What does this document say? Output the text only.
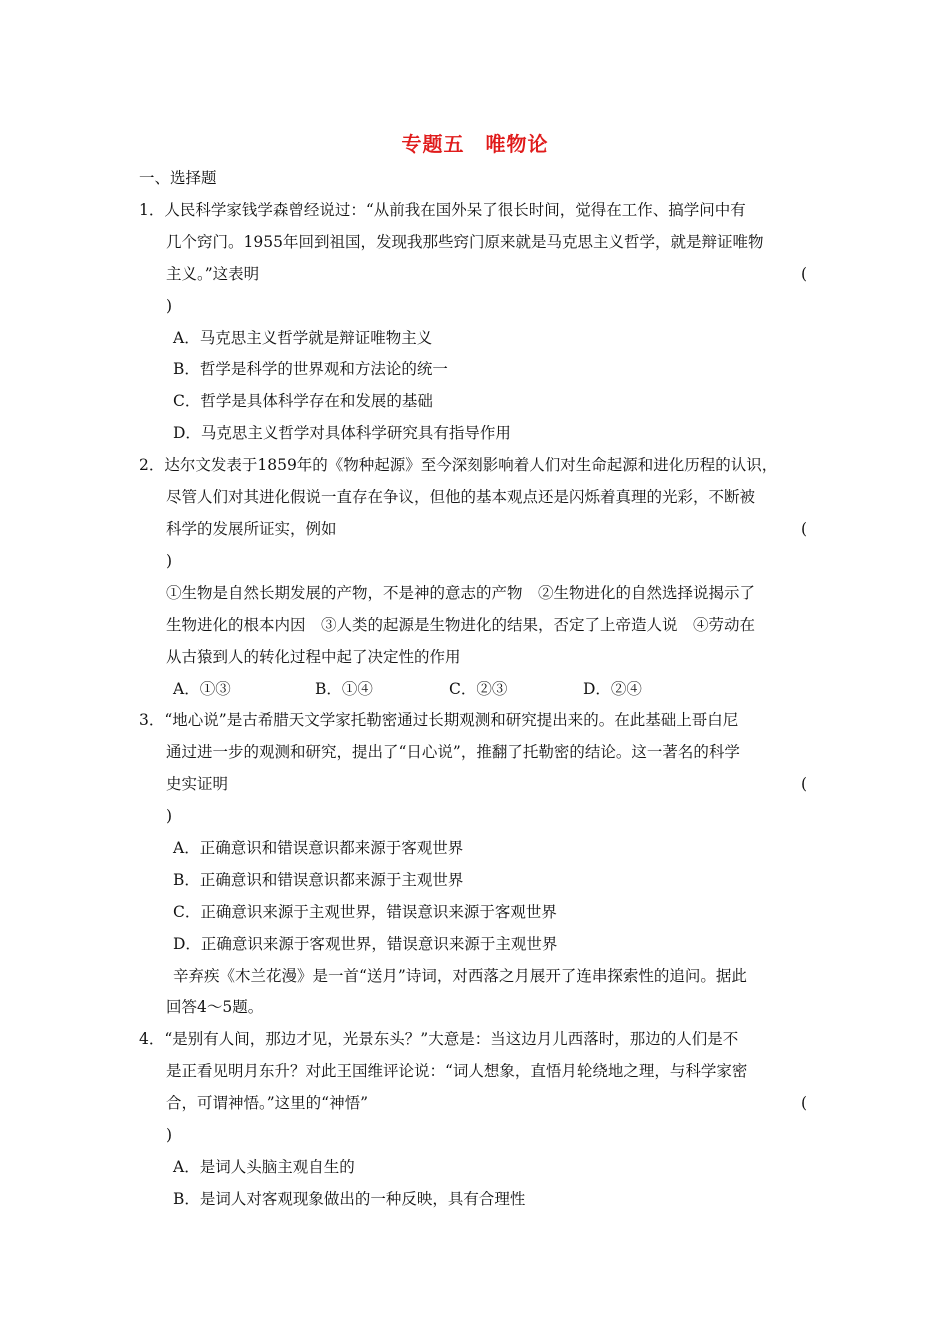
专题五　唯物论
一、选择题
1．人民科学家钱学森曾经说过：“从前我在国外呆了很长时间，觉得在工作、搞学问中有
几个窍门。1955年回到祖国，发现我那些窍门原来就是马克思主义哲学，就是辩证唯物
主义。”这表明	(
)
A．马克思主义哲学就是辩证唯物主义
B．哲学是科学的世界观和方法论的统一
C．哲学是具体科学存在和发展的基础
D．马克思主义哲学对具体科学研究具有指导作用
2．达尔文发表于1859年的《物种起源》至今深刻影响着人们对生命起源和进化历程的认识，
尽管人们对其进化假说一直存在争议，但他的基本观点还是闪烁着真理的光彩，不断被
科学的发展所证实，例如	(
)
①生物是自然长期发展的产物，不是神的意志的产物　②生物进化的自然选择说揭示了
生物进化的根本内因　③人类的起源是生物进化的结果，否定了上帝造人说　④劳动在
从古猿到人的转化过程中起了决定性的作用
A．①③	B．①④	C．②③	D．②④
3．“地心说”是古希腊天文学家托勒密通过长期观测和研究提出来的。在此基础上哥白尼
通过进一步的观测和研究，提出了“日心说”，推翻了托勒密的结论。这一著名的科学
史实证明	(
)
A．正确意识和错误意识都来源于客观世界
B．正确意识和错误意识都来源于主观世界
C．正确意识来源于主观世界，错误意识来源于客观世界
D．正确意识来源于客观世界，错误意识来源于主观世界
辛弃疾《木兰花漫》是一首“送月”诗词，对西落之月展开了连串探索性的追问。据此
回答4～5题。
4．“是别有人间，那边才见，光景东头？”大意是：当这边月儿西落时，那边的人们是不
是正看见明月东升？对此王国维评论说：“词人想象，直悟月轮绕地之理，与科学家密
合，可谓神悟。”这里的“神悟”	(
)
A．是词人头脑主观自生的
B．是词人对客观现象做出的一种反映，具有合理性
